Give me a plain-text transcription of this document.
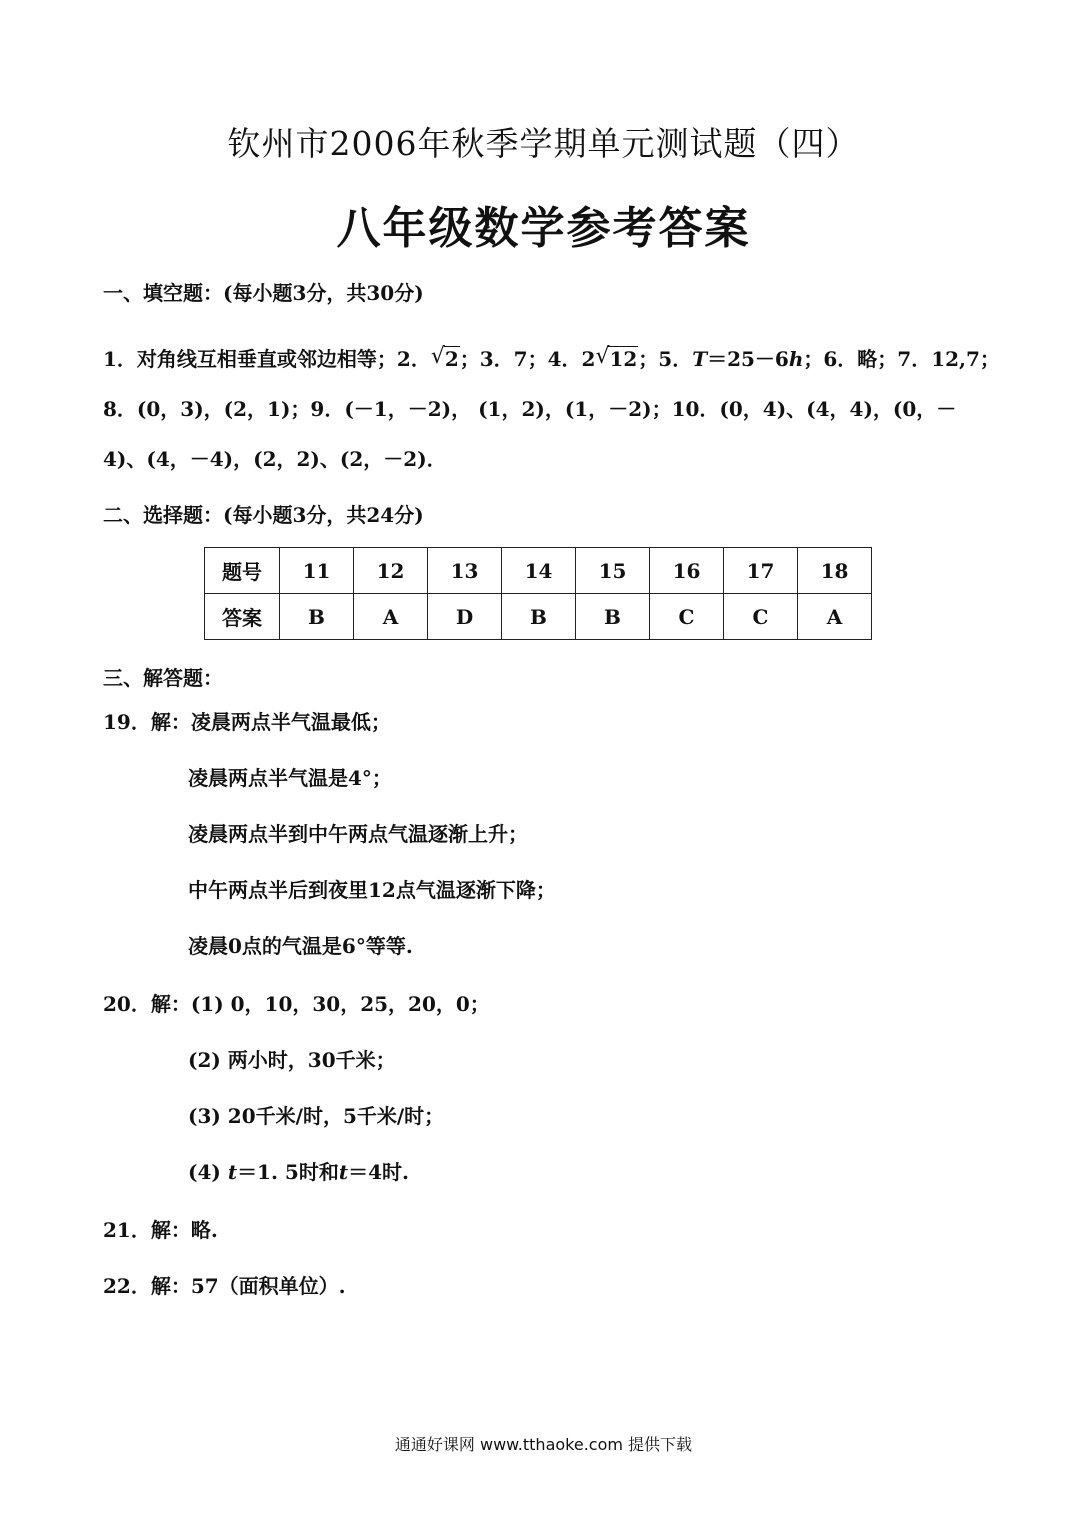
钦州市2006年秋季学期单元测试题（四）
八年级数学参考答案
一、填空题：(每小题3分，共30分)
1．对角线互相垂直或邻边相等；2． √ 2；3．7；4．2 √ 12；5．T＝25－6h；6．略；7．12,7；
8．(0，3)，(2，1)；9．(－1，－2)， (1，2)，(1，－2)；10．(0，4)、(4，4)，(0，－
4)、(4，－4)，(2，2)、(2，－2)．
二、选择题：(每小题3分，共24分)
题号	11	12	13	14	15	16	17	18
答案	B	A	D	B	B	C	C	A
三、解答题：
19．解：凌晨两点半气温最低；
凌晨两点半气温是4°；
凌晨两点半到中午两点气温逐渐上升；
中午两点半后到夜里12点气温逐渐下降；
凌晨0点的气温是6°等等.
20．解：(1) 0，10，30，25，20，0；
(2) 两小时，30千米；
(3) 20千米/时，5千米/时；
(4) t＝1. 5时和t＝4时.
21．解：略.
22．解：57（面积单位）.
通通好课网 www.tthaoke.com 提供下载
